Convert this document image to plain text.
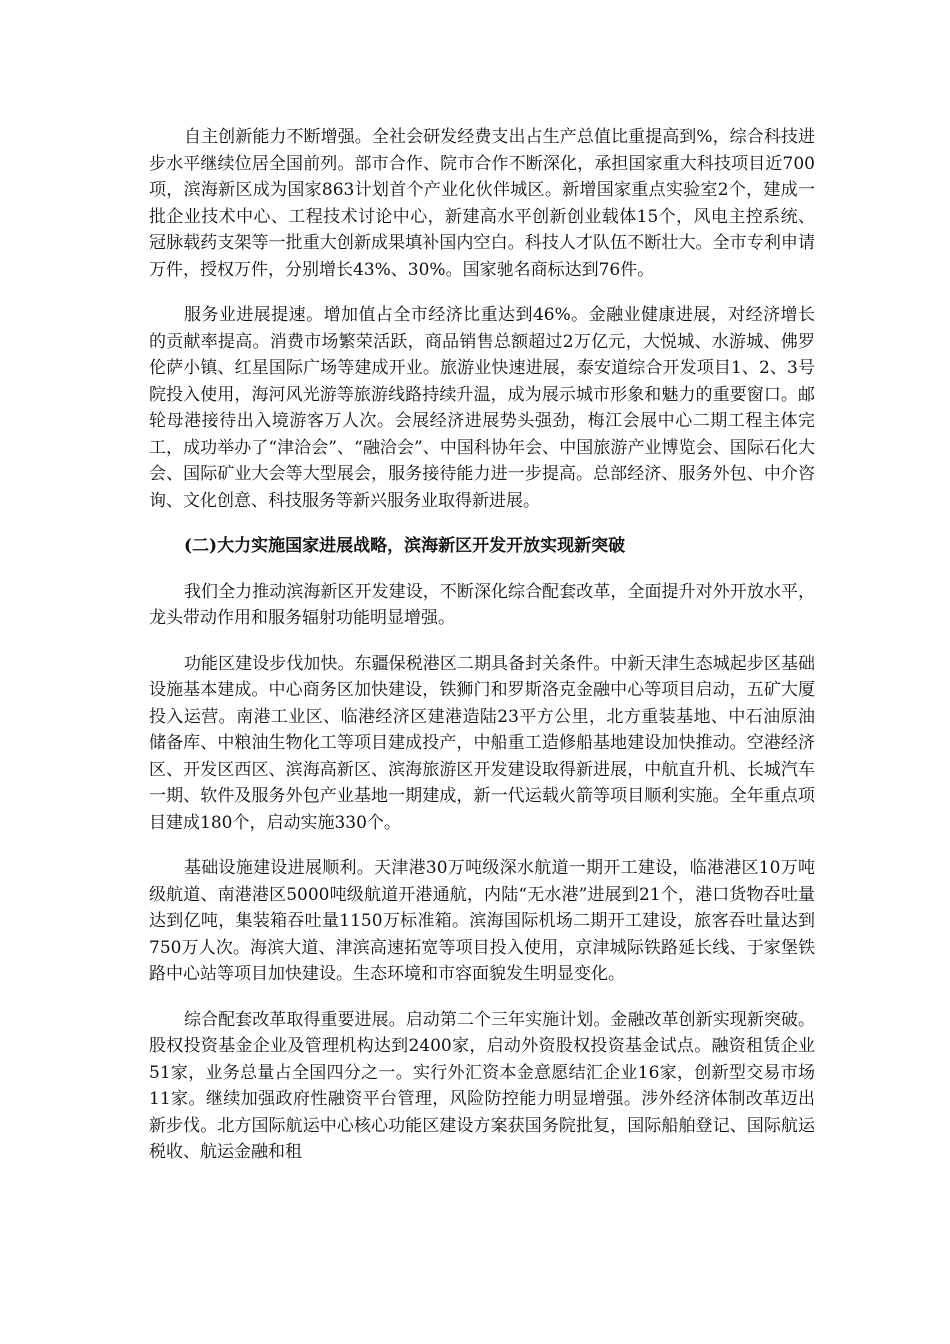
自主创新能力不断增强。全社会研发经费支出占生产总值比重提高到%，综合科技进步水平继续位居全国前列。部市合作、院市合作不断深化，承担国家重大科技项目近700项，滨海新区成为国家863计划首个产业化伙伴城区。新增国家重点实验室2个，建成一批企业技术中心、工程技术讨论中心，新建高水平创新创业载体15个，风电主控系统、冠脉载药支架等一批重大创新成果填补国内空白。科技人才队伍不断壮大。全市专利申请万件，授权万件，分别增长43%、30%。国家驰名商标达到76件。

服务业进展提速。增加值占全市经济比重达到46%。金融业健康进展，对经济增长的贡献率提高。消费市场繁荣活跃，商品销售总额超过2万亿元，大悦城、水游城、佛罗伦萨小镇、红星国际广场等建成开业。旅游业快速进展，泰安道综合开发项目1、2、3号院投入使用，海河风光游等旅游线路持续升温，成为展示城市形象和魅力的重要窗口。邮轮母港接待出入境游客万人次。会展经济进展势头强劲，梅江会展中心二期工程主体完工，成功举办了“津洽会”、“融洽会”、中国科协年会、中国旅游产业博览会、国际石化大会、国际矿业大会等大型展会，服务接待能力进一步提高。总部经济、服务外包、中介咨询、文化创意、科技服务等新兴服务业取得新进展。

(二)大力实施国家进展战略，滨海新区开发开放实现新突破

我们全力推动滨海新区开发建设，不断深化综合配套改革，全面提升对外开放水平，龙头带动作用和服务辐射功能明显增强。

功能区建设步伐加快。东疆保税港区二期具备封关条件。中新天津生态城起步区基础设施基本建成。中心商务区加快建设，铁狮门和罗斯洛克金融中心等项目启动，五矿大厦投入运营。南港工业区、临港经济区建港造陆23平方公里，北方重装基地、中石油原油储备库、中粮油生物化工等项目建成投产，中船重工造修船基地建设加快推动。空港经济区、开发区西区、滨海高新区、滨海旅游区开发建设取得新进展，中航直升机、长城汽车一期、软件及服务外包产业基地一期建成，新一代运载火箭等项目顺利实施。全年重点项目建成180个，启动实施330个。

基础设施建设进展顺利。天津港30万吨级深水航道一期开工建设，临港港区10万吨级航道、南港港区5000吨级航道开港通航，内陆“无水港”进展到21个，港口货物吞吐量达到亿吨，集装箱吞吐量1150万标准箱。滨海国际机场二期开工建设，旅客吞吐量达到750万人次。海滨大道、津滨高速拓宽等项目投入使用，京津城际铁路延长线、于家堡铁路中心站等项目加快建设。生态环境和市容面貌发生明显变化。

综合配套改革取得重要进展。启动第二个三年实施计划。金融改革创新实现新突破。股权投资基金企业及管理机构达到2400家，启动外资股权投资基金试点。融资租赁企业51家，业务总量占全国四分之一。实行外汇资本金意愿结汇企业16家，创新型交易市场11家。继续加强政府性融资平台管理，风险防控能力明显增强。涉外经济体制改革迈出新步伐。北方国际航运中心核心功能区建设方案获国务院批复，国际船舶登记、国际航运税收、航运金融和租
